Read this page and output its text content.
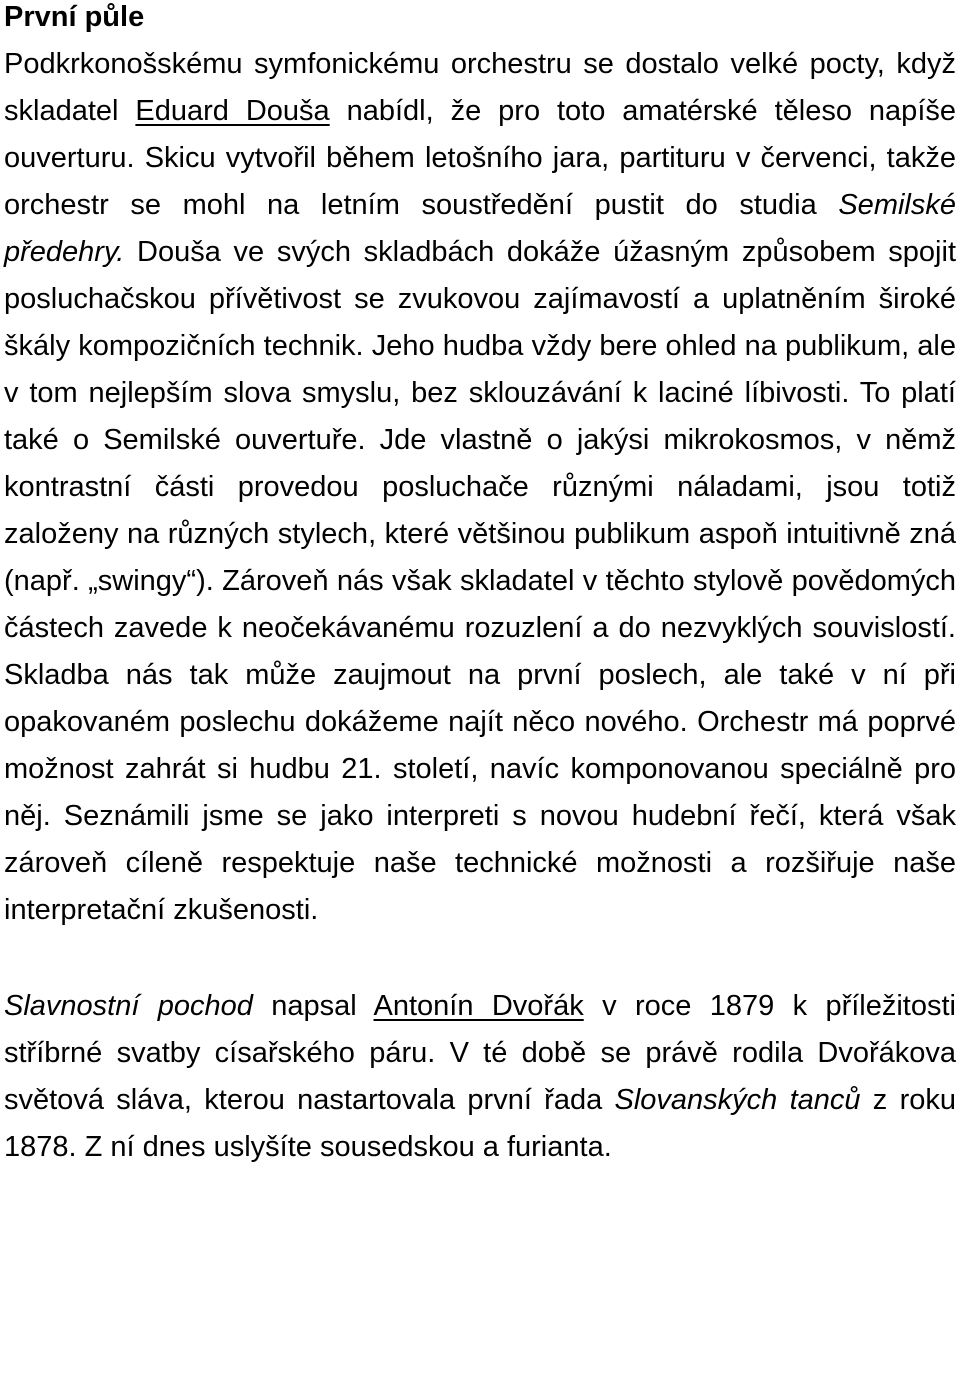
První půle

Podkrkonošskému symfonickému orchestru se dostalo velké pocty, když skladatel Eduard Douša nabídl, že pro toto amatérské těleso napíše ouverturu. Skicu vytvořil během letošního jara, partituru v červenci, takže orchestr se mohl na letním soustředění pustit do studia Semilské předehry. Douša ve svých skladbách dokáže úžasným způsobem spojit posluchačskou přívětivost se zvukovou zajímavostí a uplatněním široké škály kompozičních technik. Jeho hudba vždy bere ohled na publikum, ale v tom nejlepším slova smyslu, bez sklouzávání k laciné líbivosti. To platí také o Semilské ouvertuře. Jde vlastně o jakýsi mikrokosmos, v němž kontrastní části provedou posluchače různými náladami, jsou totiž založeny na různých stylech, které většinou publikum aspoň intuitivně zná (např. „swingy“). Zároveň nás však skladatel v těchto stylově povědomých částech zavede k neočekávanému rozuzlení a do nezvyklých souvislostí. Skladba nás tak může zaujmout na první poslech, ale také v ní při opakovaném poslechu dokážeme najít něco nového. Orchestr má poprvé možnost zahrát si hudbu 21. století, navíc komponovanou speciálně pro něj. Seznámili jsme se jako interpreti s novou hudební řečí, která však zároveň cíleně respektuje naše technické možnosti a rozšiřuje naše interpretační zkušenosti.

Slavnostní pochod napsal Antonín Dvořák v roce 1879 k příležitosti stříbrné svatby císařského páru. V té době se právě rodila Dvořákova světová sláva, kterou nastartovala první řada Slovanských tanců z roku 1878. Z ní dnes uslyšíte sousedskou a furianta.
